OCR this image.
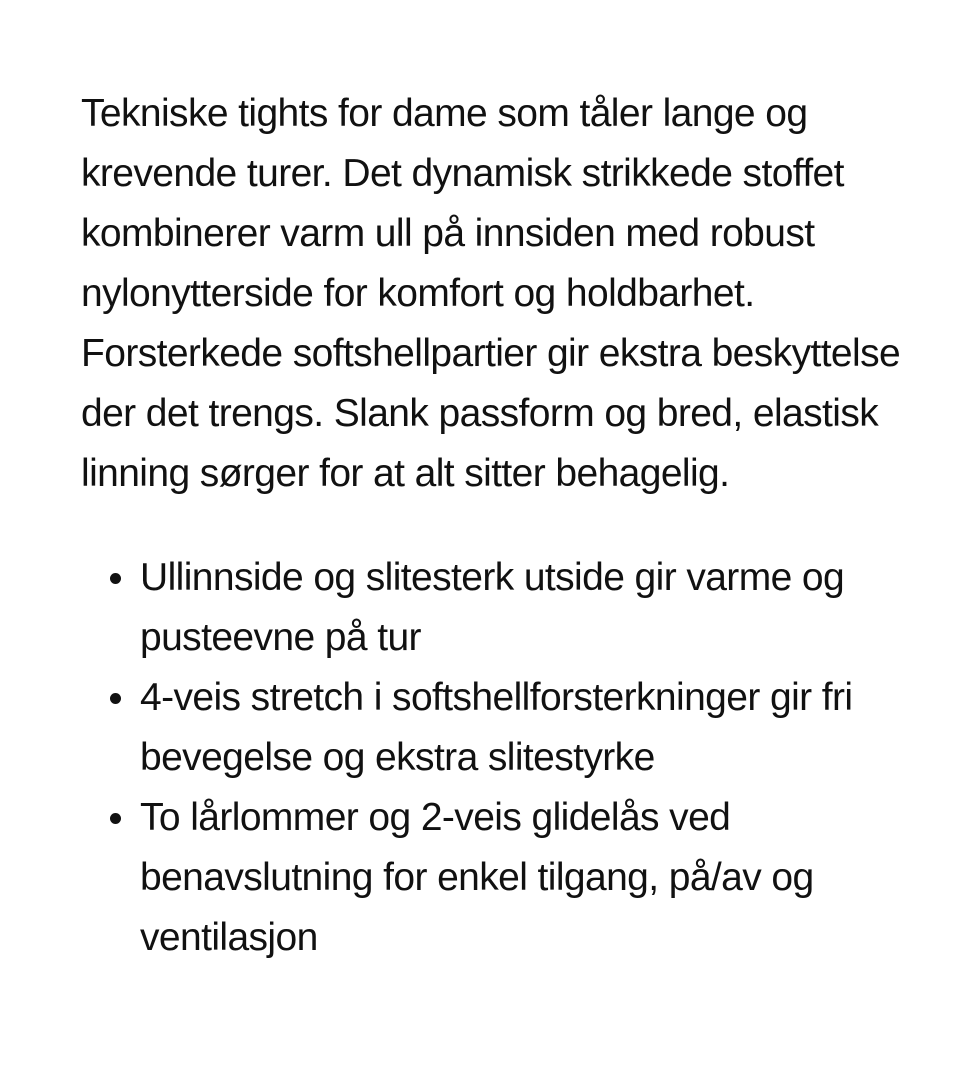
Tekniske tights for dame som tåler lange og krevende turer. Det dynamisk strikkede stoffet kombinerer varm ull på innsiden med robust nylonytterside for komfort og holdbarhet. Forsterkede softshellpartier gir ekstra beskyttelse der det trengs. Slank passform og bred, elastisk linning sørger for at alt sitter behagelig.

Ullinnside og slitesterk utside gir varme og pusteevne på tur
4-veis stretch i softshellforsterkninger gir fri bevegelse og ekstra slitestyrke
To lårlommer og 2-veis glidelås ved benavslutning for enkel tilgang, på/av og ventilasjon
